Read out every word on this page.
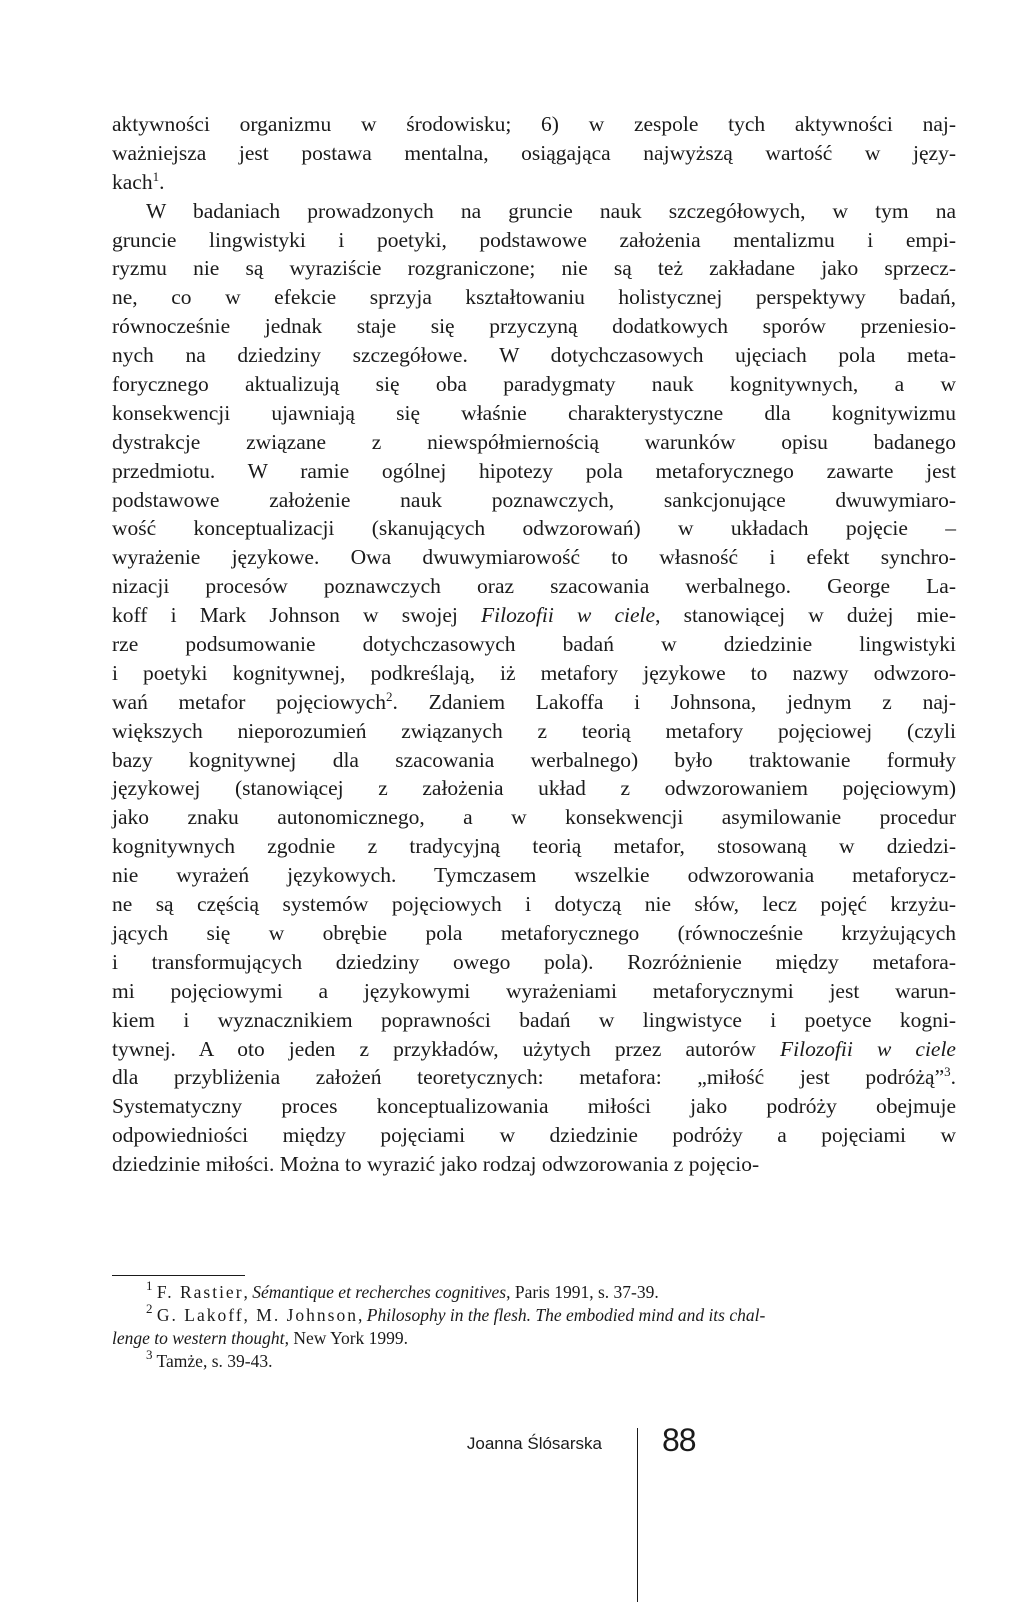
aktywności organizmu w środowisku; 6) w zespole tych aktywności naj-
ważniejsza jest postawa mentalna, osiągająca najwyższą wartość w języ-
kach$^1$.
W badaniach prowadzonych na gruncie nauk szczegółowych, w tym na
gruncie lingwistyki i poetyki, podstawowe założenia mentalizmu i empi-
ryzmu nie są wyraziście rozgraniczone; nie są też zakładane jako sprzecz-
ne, co w efekcie sprzyja kształtowaniu holistycznej perspektywy badań,
równocześnie jednak staje się przyczyną dodatkowych sporów przeniesio-
nych na dziedziny szczegółowe. W dotychczasowych ujęciach pola meta-
forycznego aktualizują się oba paradygmaty nauk kognitywnych, a w
konsekwencji ujawniają się właśnie charakterystyczne dla kognitywizmu
dystrakcje związane z niewspółmiernością warunków opisu badanego
przedmiotu. W ramie ogólnej hipotezy pola metaforycznego zawarte jest
podstawowe założenie nauk poznawczych, sankcjonujące dwuwymiaro-
wość konceptualizacji (skanujących odwzorowań) w układach pojęcie –
wyrażenie językowe. Owa dwuwymiarowość to własność i efekt synchro-
nizacji procesów poznawczych oraz szacowania werbalnego. George La-
koff i Mark Johnson w swojej Filozofii w ciele, stanowiącej w dużej mie-
rze podsumowanie dotychczasowych badań w dziedzinie lingwistyki
i poetyki kognitywnej, podkreślają, iż metafory językowe to nazwy odwzoro-
wań metafor pojęciowych$^2$. Zdaniem Lakoffa i Johnsona, jednym z naj-
większych nieporozumień związanych z teorią metafory pojęciowej (czyli
bazy kognitywnej dla szacowania werbalnego) było traktowanie formuły
językowej (stanowiącej z założenia układ z odwzorowaniem pojęciowym)
jako znaku autonomicznego, a w konsekwencji asymilowanie procedur
kognitywnych zgodnie z tradycyjną teorią metafor, stosowaną w dziedzi-
nie wyrażeń językowych. Tymczasem wszelkie odwzorowania metaforycz-
ne są częścią systemów pojęciowych i dotyczą nie słów, lecz pojęć krzyżu-
jących się w obrębie pola metaforycznego (równocześnie krzyżujących
i transformujących dziedziny owego pola). Rozróżnienie między metafora-
mi pojęciowymi a językowymi wyrażeniami metaforycznymi jest warun-
kiem i wyznacznikiem poprawności badań w lingwistyce i poetyce kogni-
tywnej. A oto jeden z przykładów, użytych przez autorów Filozofii w ciele
dla przybliżenia założeń teoretycznych: metafora: „miłość jest podróżą”$^3$.
Systematyczny proces konceptualizowania miłości jako podróży obejmuje
odpowiedniości między pojęciami w dziedzinie podróży a pojęciami w
dziedzinie miłości. Można to wyrazić jako rodzaj odwzorowania z pojęcio-
$^1$ F. Rastier, Sémantique et recherches cognitives, Paris 1991, s. 37-39.
$^2$ G. Lakoff, M. Johnson, Philosophy in the flesh. The embodied mind and its chal-
lenge to western thought, New York 1999.
$^3$ Tamże, s. 39-43.
Joanna Ślósarska 88
